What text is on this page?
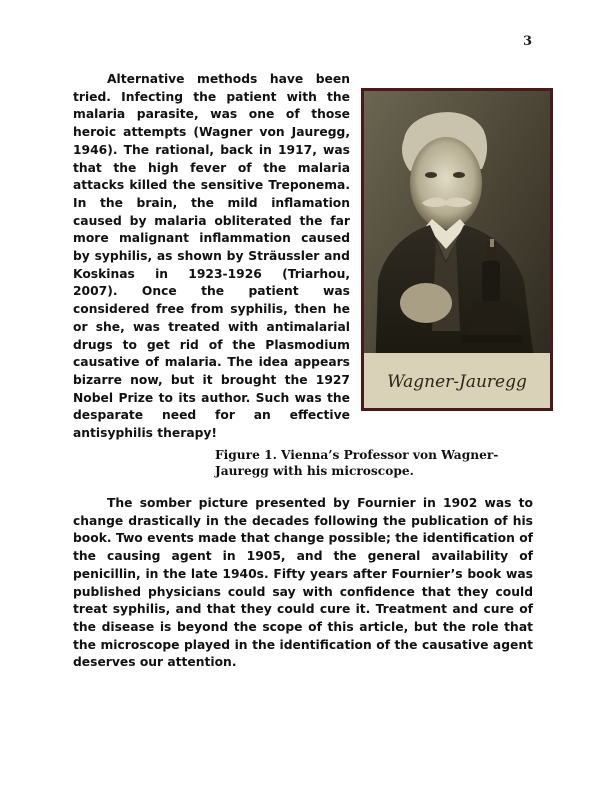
3

Alternative methods have been tried. Infecting the patient with the malaria parasite, was one of those heroic attempts (Wagner von Jauregg, 1946). The rational, back in 1917, was that the high fever of the malaria attacks killed the sensitive Treponema. In the brain, the mild inflamation caused by malaria obliterated the far more malignant inflammation caused by syphilis, as shown by Sträussler and Koskinas in 1923-1926 (Triarhou, 2007). Once the patient was considered free from syphilis, then he or she, was treated with antimalarial drugs to get rid of the Plasmodium causative of malaria. The idea appears bizarre now, but it brought the 1927 Nobel Prize to its author. Such was the desparate need for an effective antisyphilis therapy!

Wagner-Jauregg
Figure 1. Vienna’s Professor von Wagner-Jauregg with his microscope.

The somber picture presented by Fournier in 1902 was to change drastically in the decades following the publication of his book. Two events made that change possible; the identification of the causing agent in 1905, and the general availability of penicillin, in the late 1940s. Fifty years after Fournier’s book was published physicians could say with confidence that they could treat syphilis, and that they could cure it. Treatment and cure of the disease is beyond the scope of this article, but the role that the microscope played in the identification of the causative agent deserves our attention.
